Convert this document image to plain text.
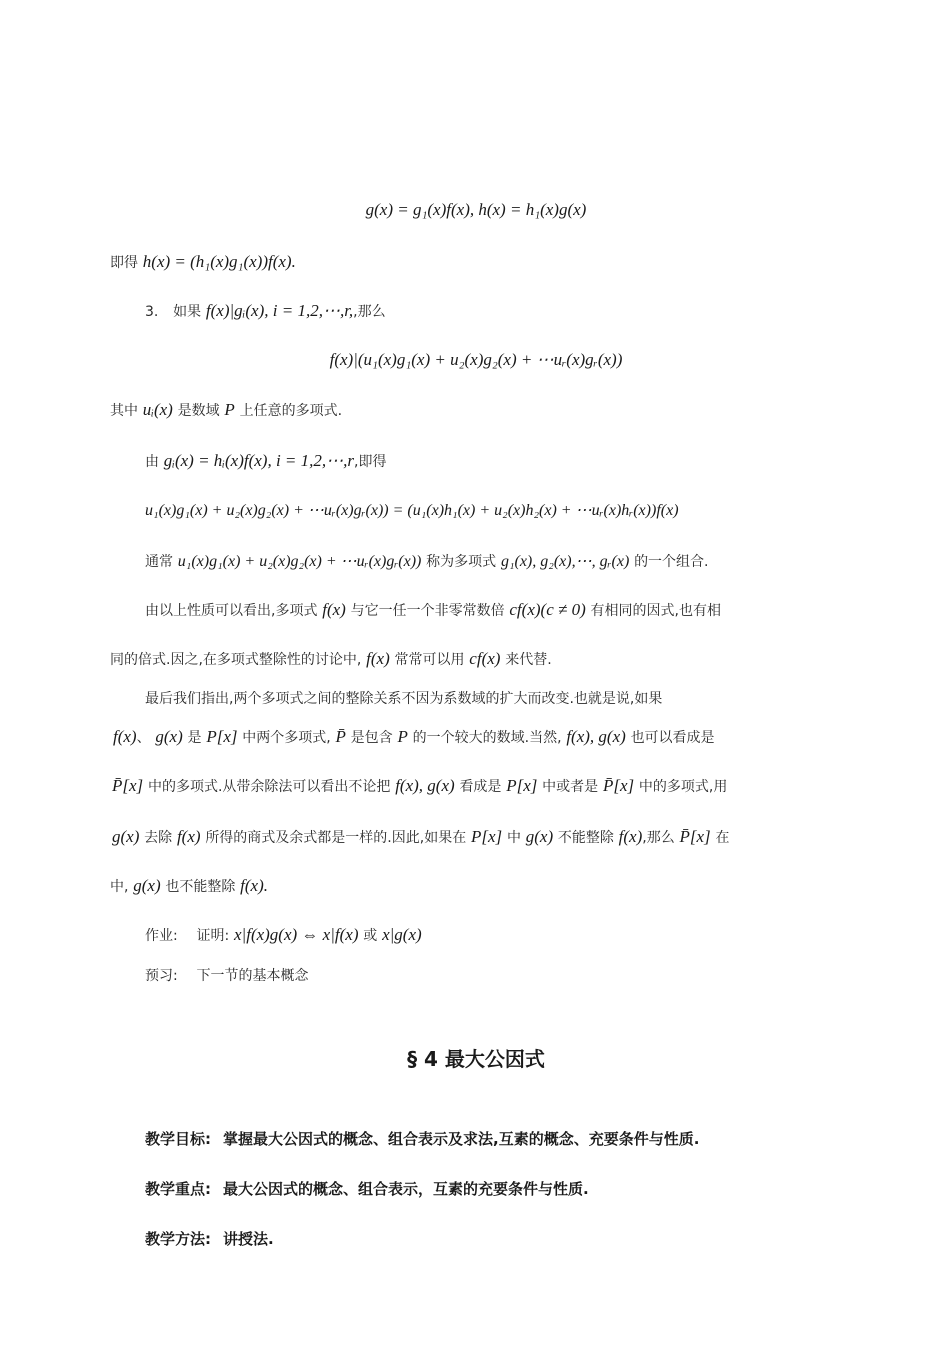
g(x) = g₁(x)f(x), h(x) = h₁(x)g(x)
即得 h(x) = (h₁(x)g₁(x))f(x).
3. 如果 f(x)|gᵢ(x), i = 1,2,⋯,r,,那么
f(x)|(u₁(x)g₁(x) + u₂(x)g₂(x) + ⋯uᵣ(x)gᵣ(x))
其中 uᵢ(x) 是数域 P 上任意的多项式.
由 gᵢ(x) = hᵢ(x)f(x), i = 1,2,⋯,r,即得
u₁(x)g₁(x) + u₂(x)g₂(x) + ⋯uᵣ(x)gᵣ(x)) = (u₁(x)h₁(x) + u₂(x)h₂(x) + ⋯uᵣ(x)hᵣ(x))f(x)
通常 u₁(x)g₁(x) + u₂(x)g₂(x) + ⋯uᵣ(x)gᵣ(x)) 称为多项式 g₁(x), g₂(x),⋯, gᵣ(x) 的一个组合.
由以上性质可以看出,多项式 f(x) 与它一任一个非零常数倍 cf(x)(c ≠ 0) 有相同的因式,也有相
同的倍式.因之,在多项式整除性的讨论中, f(x) 常常可以用 cf(x) 来代替.
最后我们指出,两个多项式之间的整除关系不因为系数域的扩大而改变.也就是说,如果
f(x)、 g(x) 是 P[x] 中两个多项式, P̄ 是包含 P 的一个较大的数域.当然, f(x), g(x) 也可以看成是
P̄[x] 中的多项式.从带余除法可以看出不论把 f(x), g(x) 看成是 P[x] 中或者是 P̄[x] 中的多项式,用
g(x) 去除 f(x) 所得的商式及余式都是一样的.因此,如果在 P[x] 中 g(x) 不能整除 f(x),那么 P̄[x] 在
中, g(x) 也不能整除 f(x).
作业: 证明: x|f(x)g(x) ⇔ x|f(x) 或 x|g(x)
预习: 下一节的基本概念
§ 4 最大公因式
教学目标: 掌握最大公因式的概念、组合表示及求法,互素的概念、充要条件与性质.
教学重点: 最大公因式的概念、组合表示，互素的充要条件与性质.
教学方法: 讲授法.
